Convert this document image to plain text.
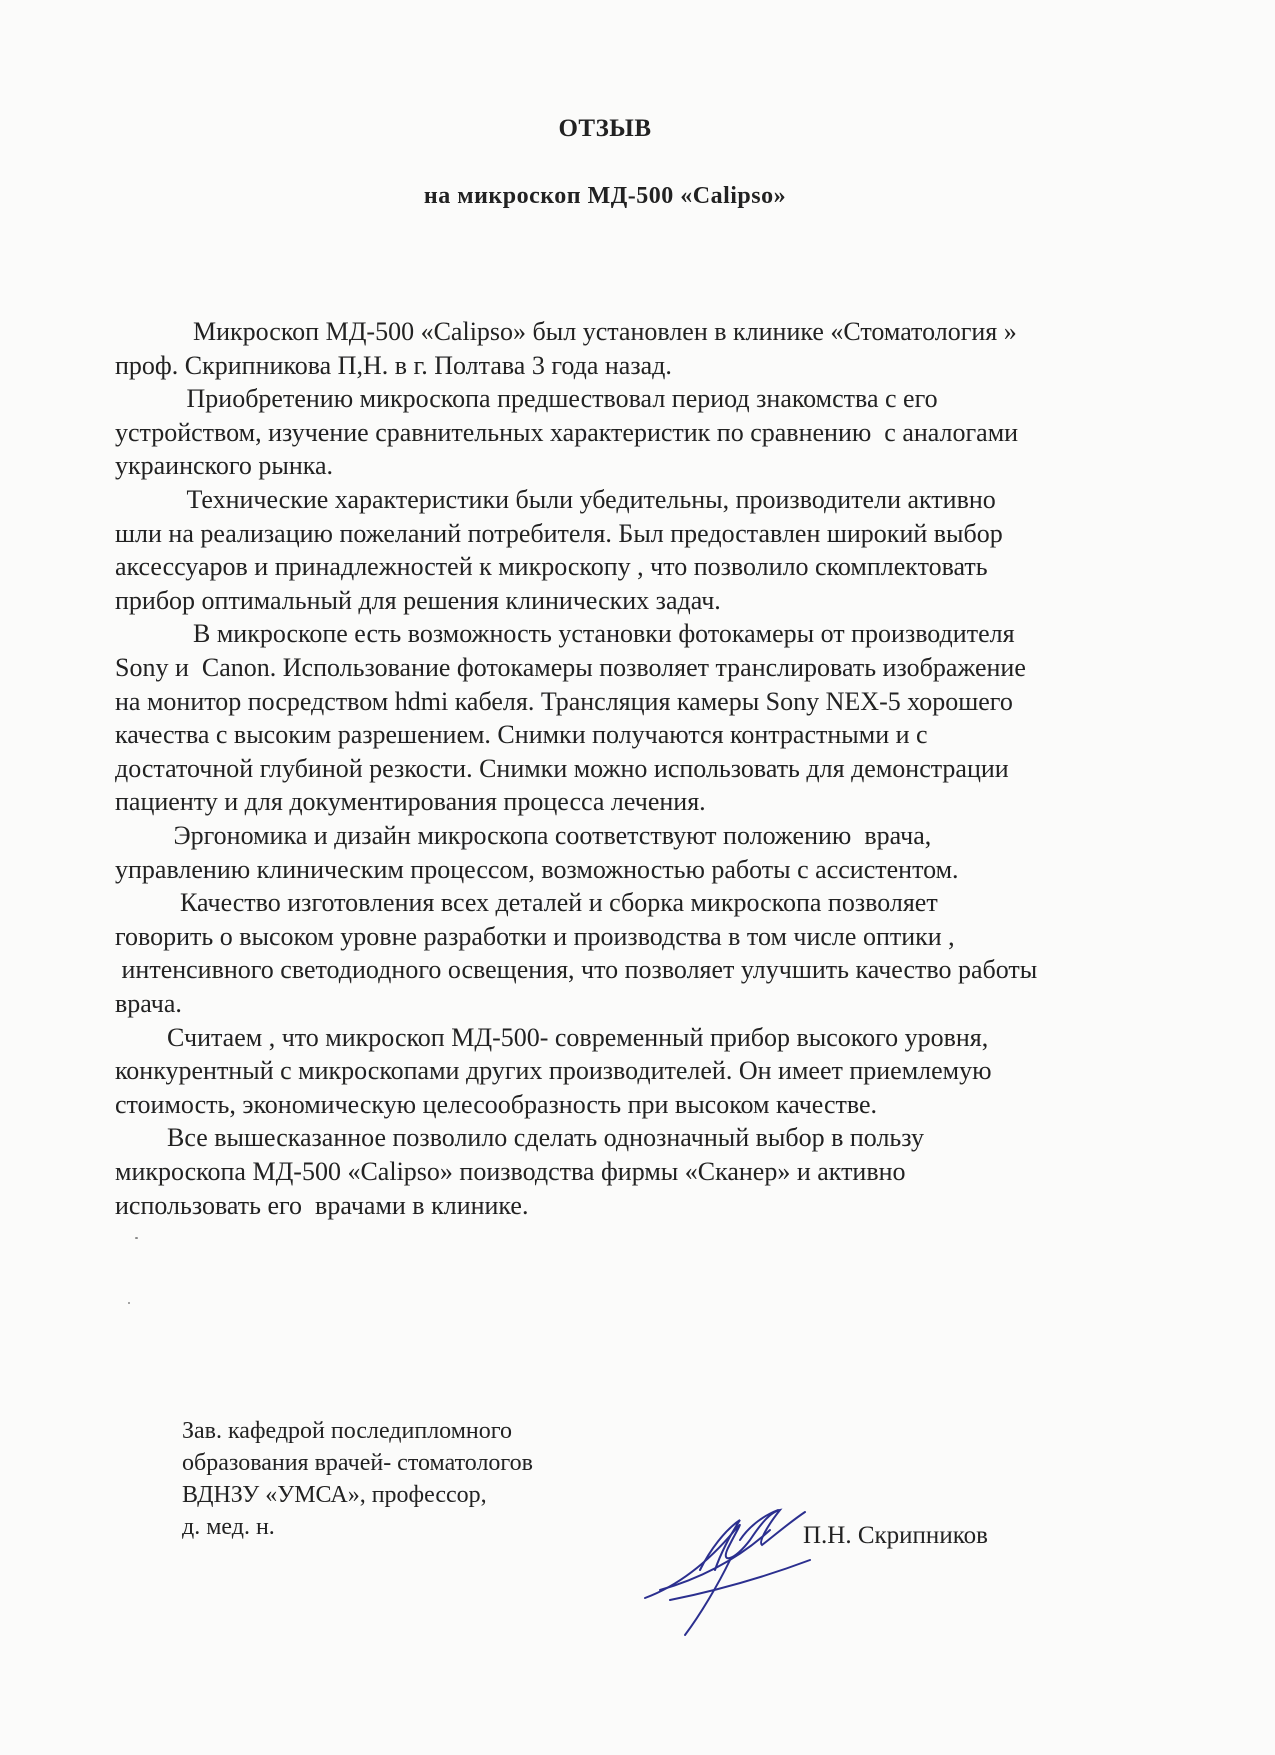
ОТЗЫВ
на микроскоп МД-500 «Calipso»
Микроскоп МД-500 «Calipso» был установлен в клинике «Стоматология »
проф. Скрипникова П,Н. в г. Полтава 3 года назад.
Приобретению микроскопа предшествовал период знакомства с его
устройством, изучение сравнительных характеристик по сравнению  с аналогами
украинского рынка.
Технические характеристики были убедительны, производители активно
шли на реализацию пожеланий потребителя. Был предоставлен широкий выбор
аксессуаров и принадлежностей к микроскопу , что позволило скомплектовать
прибор оптимальный для решения клинических задач.
В микроскопе есть возможность установки фотокамеры от производителя
Sony и  Canon. Использование фотокамеры позволяет транслировать изображение
на монитор посредством hdmi кабеля. Трансляция камеры Sony NEX-5 хорошего
качества с высоким разрешением. Снимки получаются контрастными и с
достаточной глубиной резкости. Снимки можно использовать для демонстрации
пациенту и для документирования процесса лечения.
Эргономика и дизайн микроскопа соответствуют положению  врача,
управлению клиническим процессом, возможностью работы с ассистентом.
Качество изготовления всех деталей и сборка микроскопа позволяет
говорить о высоком уровне разработки и производства в том числе оптики ,
интенсивного светодиодного освещения, что позволяет улучшить качество работы
врача.
Считаем , что микроскоп МД-500- современный прибор высокого уровня,
конкурентный с микроскопами других производителей. Он имеет приемлемую
стоимость, экономическую целесообразность при высоком качестве.
Все вышесказанное позволило сделать однозначный выбор в пользу
микроскопа МД-500 «Calipso» поизводства фирмы «Сканер» и активно
использовать его  врачами в клинике.
Зав. кафедрой последипломного
образования врачей- стоматологов
ВДНЗУ «УМСА», профессор,
д. мед. н.	П.Н. Скрипников
